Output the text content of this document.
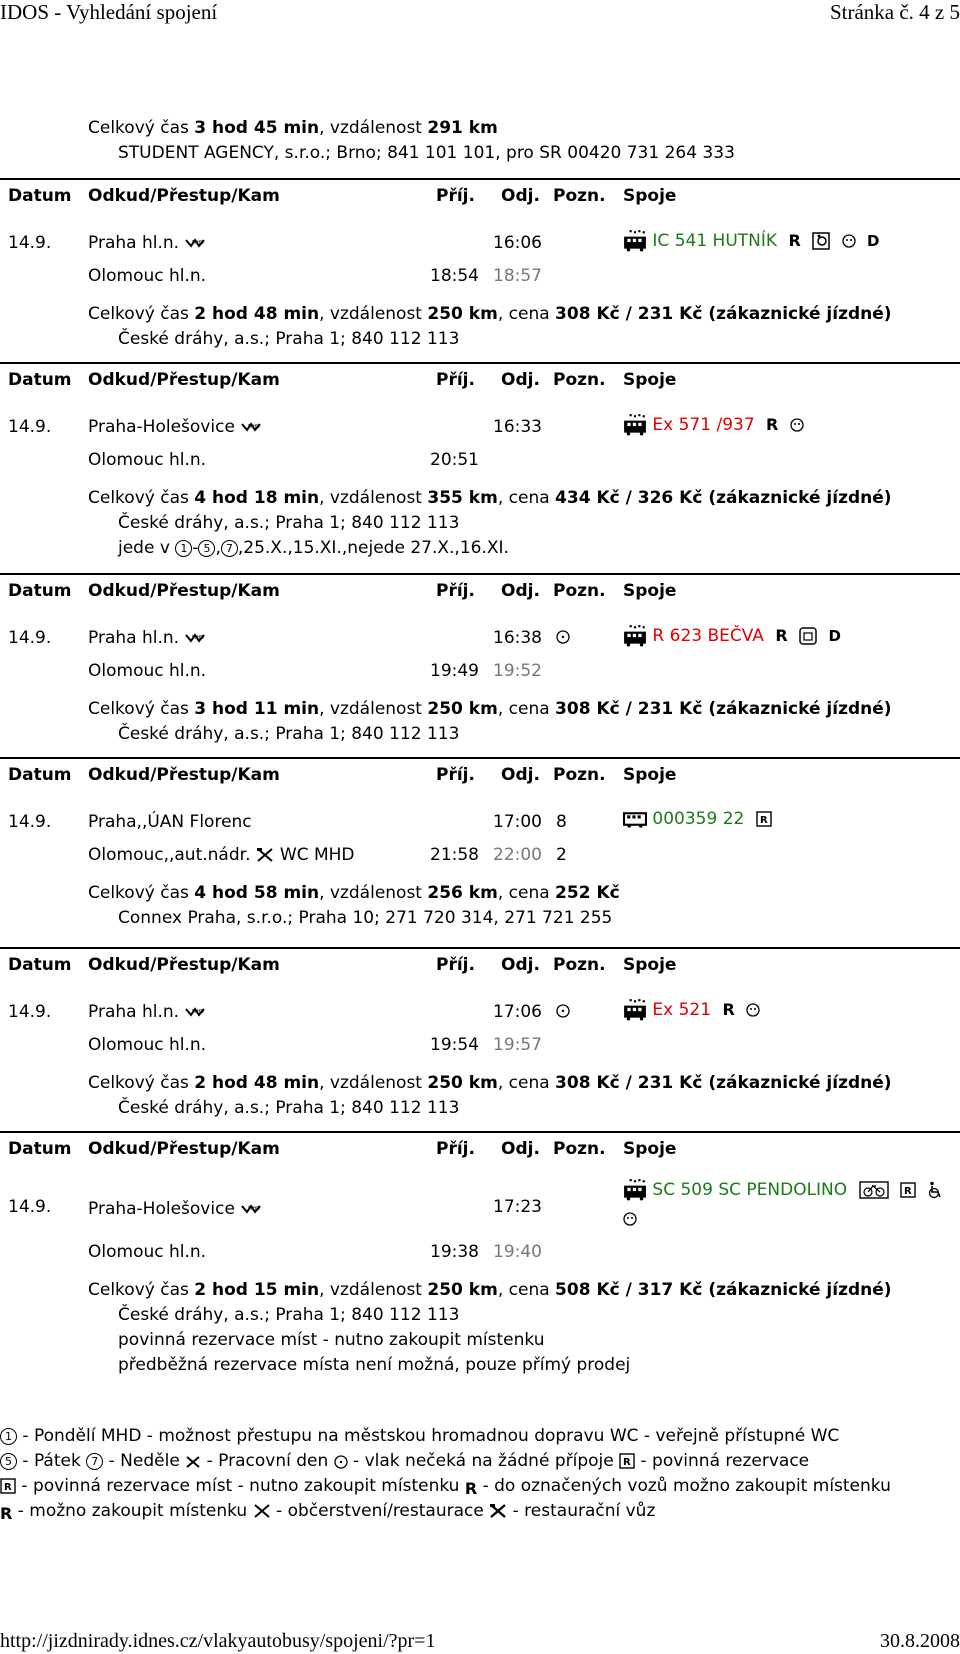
IDOS - Vyhledání spojení	Stránka č. 4 z 5
Celkový čas 3 hod 45 min, vzdálenost 291 km
STUDENT AGENCY, s.r.o.; Brno; 841 101 101, pro SR 00420 731 264 333
Datum Odkud/Přestup/Kam	Příj. Odj. Pozn. Spoje
14.9. Praha hl.n.	16:06	IC 541 HUTNÍK R
	D
Olomouc hl.n.	18:54 18:57
Celkový čas 2 hod 48 min, vzdálenost 250 km, cena 308 Kč / 231 Kč (zákaznické jízdné)
České dráhy, a.s.; Praha 1; 840 112 113
Datum Odkud/Přestup/Kam	Příj. Odj. Pozn. Spoje
14.9. Praha-Holešovice	16:33	Ex 571 /937 R
Olomouc hl.n.	20:51
Celkový čas 4 hod 18 min, vzdálenost 355 km, cena 434 Kč / 326 Kč (zákaznické jízdné)
České dráhy, a.s.; Praha 1; 840 112 113
jede v 1 - 5 , 7 ,25.X.,15.XI.,nejede 27.X.,16.XI.
Datum Odkud/Přestup/Kam	Příj. Odj. Pozn. Spoje
14.9. Praha hl.n.	16:38	R 623 BEČVA R	D
Olomouc hl.n.	19:49 19:52
Celkový čas 3 hod 11 min, vzdálenost 250 km, cena 308 Kč / 231 Kč (zákaznické jízdné)
České dráhy, a.s.; Praha 1; 840 112 113
Datum Odkud/Přestup/Kam	Příj. Odj. Pozn. Spoje
14.9. Praha,,ÚAN Florenc	17:00 8	000359 22 R
Olomouc,,aut.nádr. WC MHD	21:58 22:00 2
Celkový čas 4 hod 58 min, vzdálenost 256 km, cena 252 Kč
Connex Praha, s.r.o.; Praha 10; 271 720 314, 271 721 255
Datum Odkud/Přestup/Kam	Příj. Odj. Pozn. Spoje
14.9. Praha hl.n.	17:06	Ex 521 R
Olomouc hl.n.	19:54 19:57
Celkový čas 2 hod 48 min, vzdálenost 250 km, cena 308 Kč / 231 Kč (zákaznické jízdné)
České dráhy, a.s.; Praha 1; 840 112 113
Datum Odkud/Přestup/Kam	Příj. Odj. Pozn. Spoje
14.9. Praha-Holešovice	17:23
SC 509 SC PENDOLINO
	R

Olomouc hl.n.	19:38 19:40
Celkový čas 2 hod 15 min, vzdálenost 250 km, cena 508 Kč / 317 Kč (zákaznické jízdné)
České dráhy, a.s.; Praha 1; 840 112 113
povinná rezervace míst - nutno zakoupit místenku
předběžná rezervace místa není možná, pouze přímý prodej
1 - Pondělí MHD - možnost přestupu na městskou hromadnou dopravu WC - veřejně přístupné WC
5 - Pátek 7 - Neděle  - Pracovní den  - vlak nečeká na žádné přípoje R - povinná rezervace
R - povinná rezervace míst - nutno zakoupit místenku R - do označených vozů možno zakoupit místenku
R - možno zakoupit místenku  - občerstvení/restaurace  - restaurační vůz
http://jizdnirady.idnes.cz/vlakyautobusy/spojeni/?pr=1	30.8.2008
